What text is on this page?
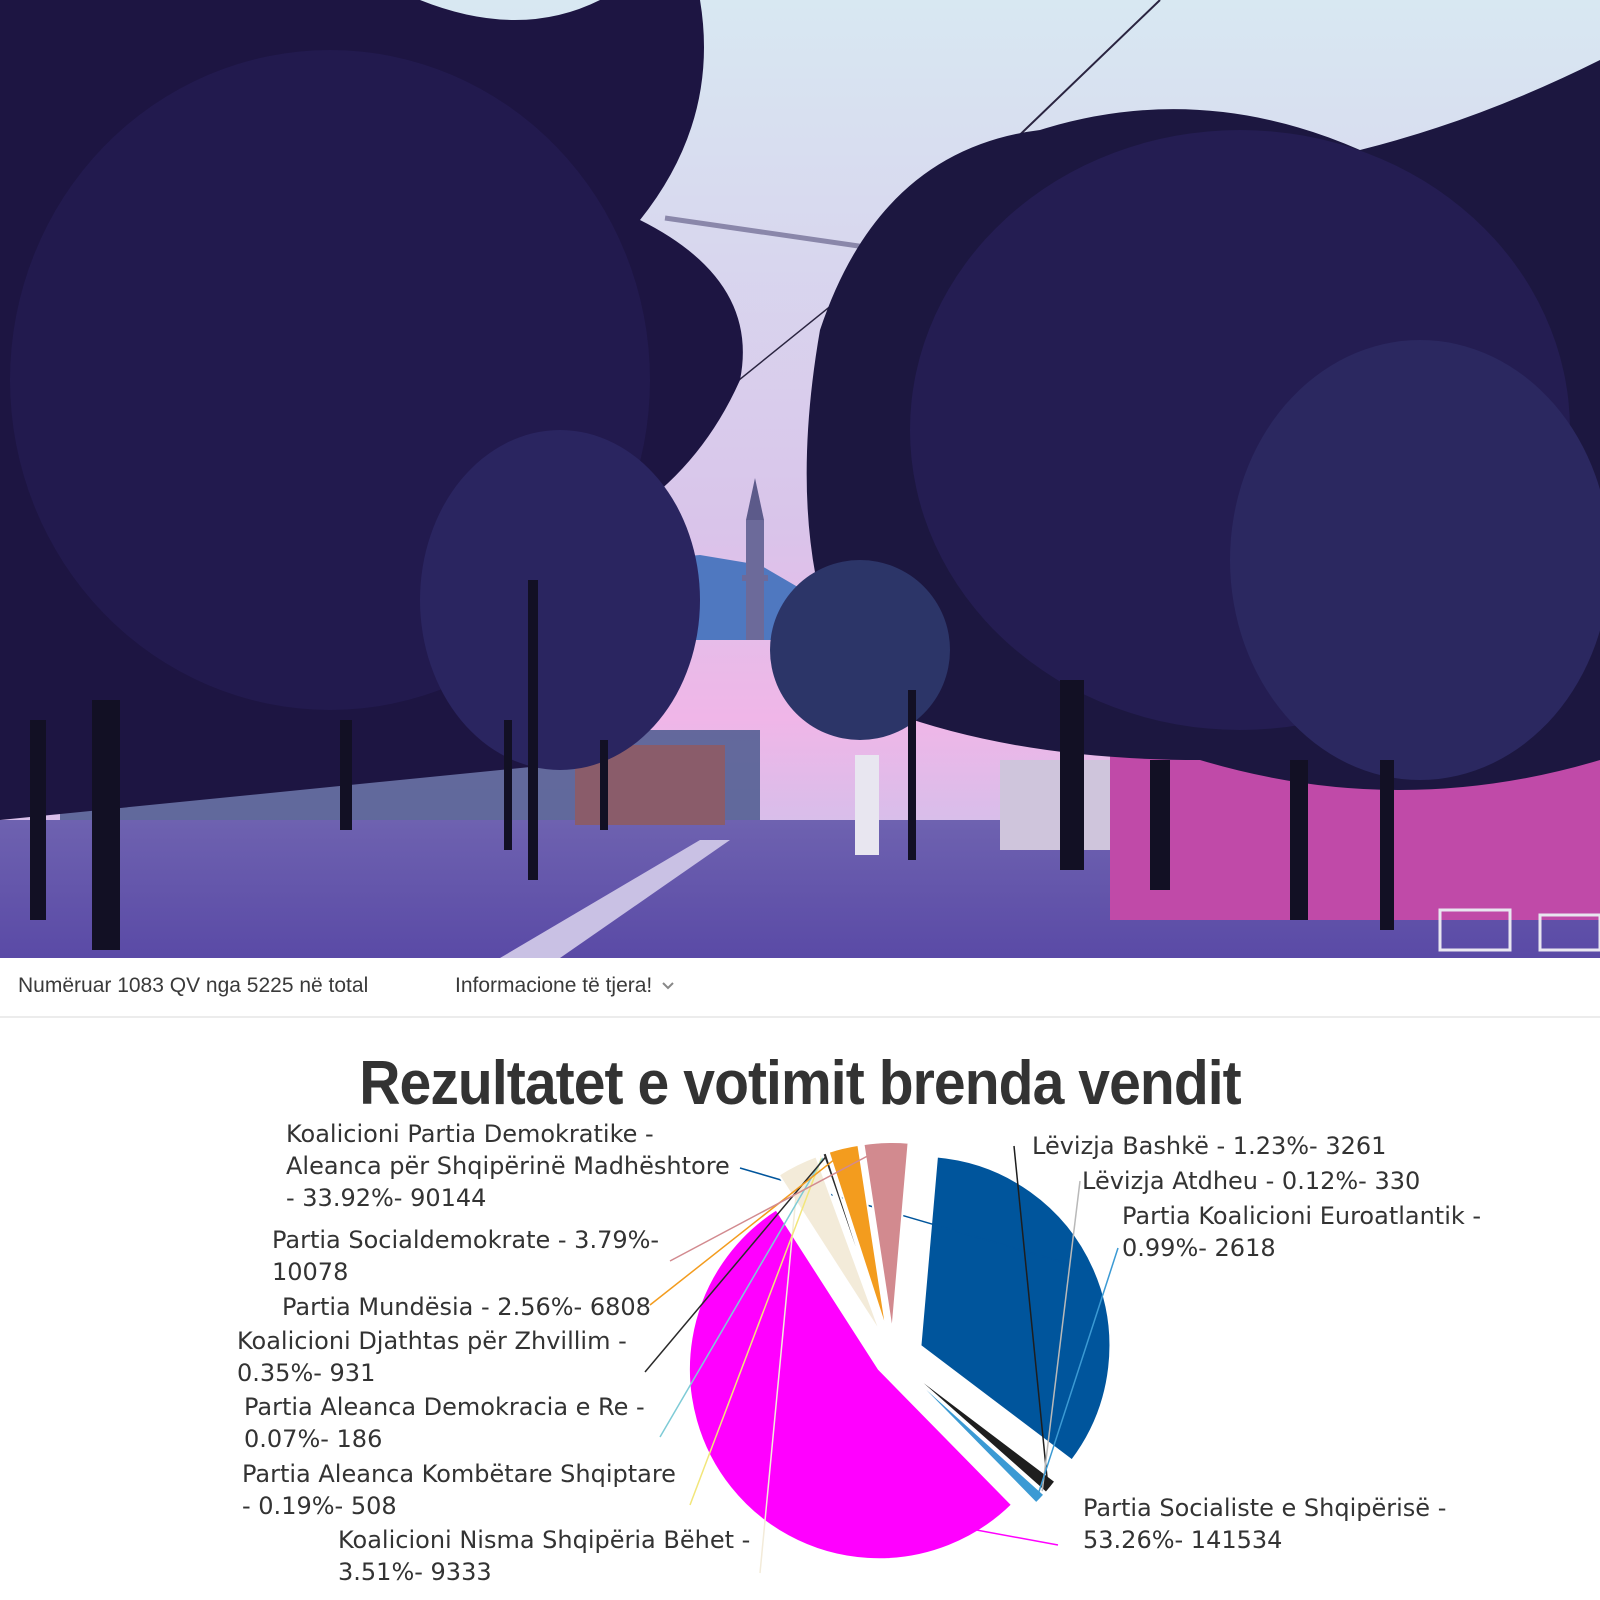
Numëruar 1083 QV nga 5225 në total	Informacione të tjera!
Rezultatet e votimit brenda vendit
Koalicioni Partia Demokratike -Aleanca për Shqipërinë Madhështore - 33.92%- 90144
Lëvizja Bashkë - 1.23%- 3261
Lëvizja Atdheu - 0.12%- 330
Partia Koalicioni Euroatlantik -0.99%- 2618
Partia Socialiste e Shqipërisë -53.26%- 141534
Koalicioni Nisma Shqipëria Bëhet -3.51%- 9333
Partia Aleanca Kombëtare Shqiptare - 0.19%- 508
Partia Aleanca Demokracia e Re -0.07%- 186
Koalicioni Djathtas për Zhvillim -0.35%- 931
Partia Mundësia - 2.56%- 6808
Partia Socialdemokrate - 3.79%-10078
